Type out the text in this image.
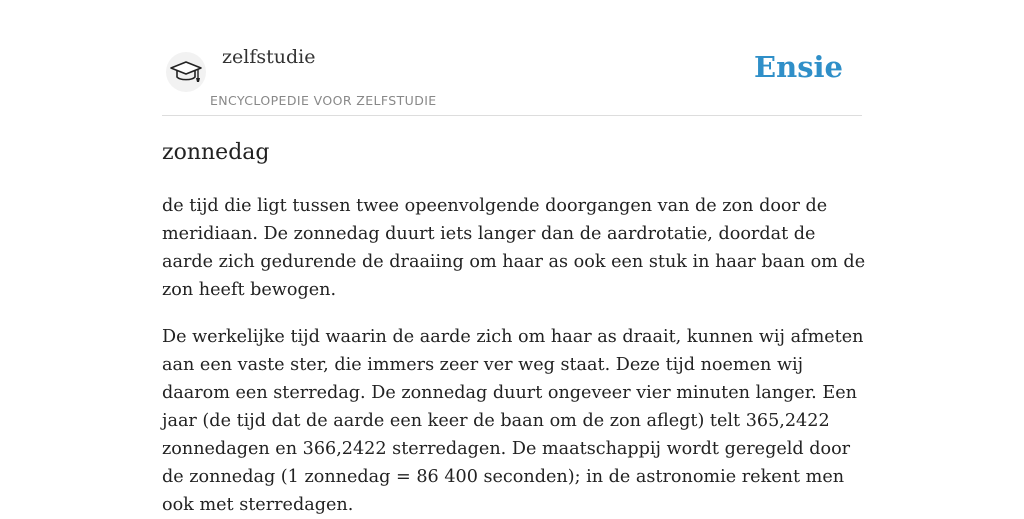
zelfstudie
ENCYCLOPEDIE VOOR ZELFSTUDIE
Ensie
zonnedag

de tijd die ligt tussen twee opeenvolgende doorgangen van de zon door de meridiaan. De zonnedag duurt iets langer dan de aardrotatie, doordat de aarde zich gedurende de draaiing om haar as ook een stuk in haar baan om de zon heeft bewogen.

De werkelijke tijd waarin de aarde zich om haar as draait, kunnen wij afmeten aan een vaste ster, die immers zeer ver weg staat. Deze tijd noemen wij daarom een sterredag. De zonnedag duurt ongeveer vier minuten langer. Een jaar (de tijd dat de aarde een keer de baan om de zon aflegt) telt 365,2422 zonnedagen en 366,2422 sterredagen. De maatschappij wordt geregeld door de zonnedag (1 zonnedag = 86 400 seconden); in de astronomie rekent men ook met sterredagen.
